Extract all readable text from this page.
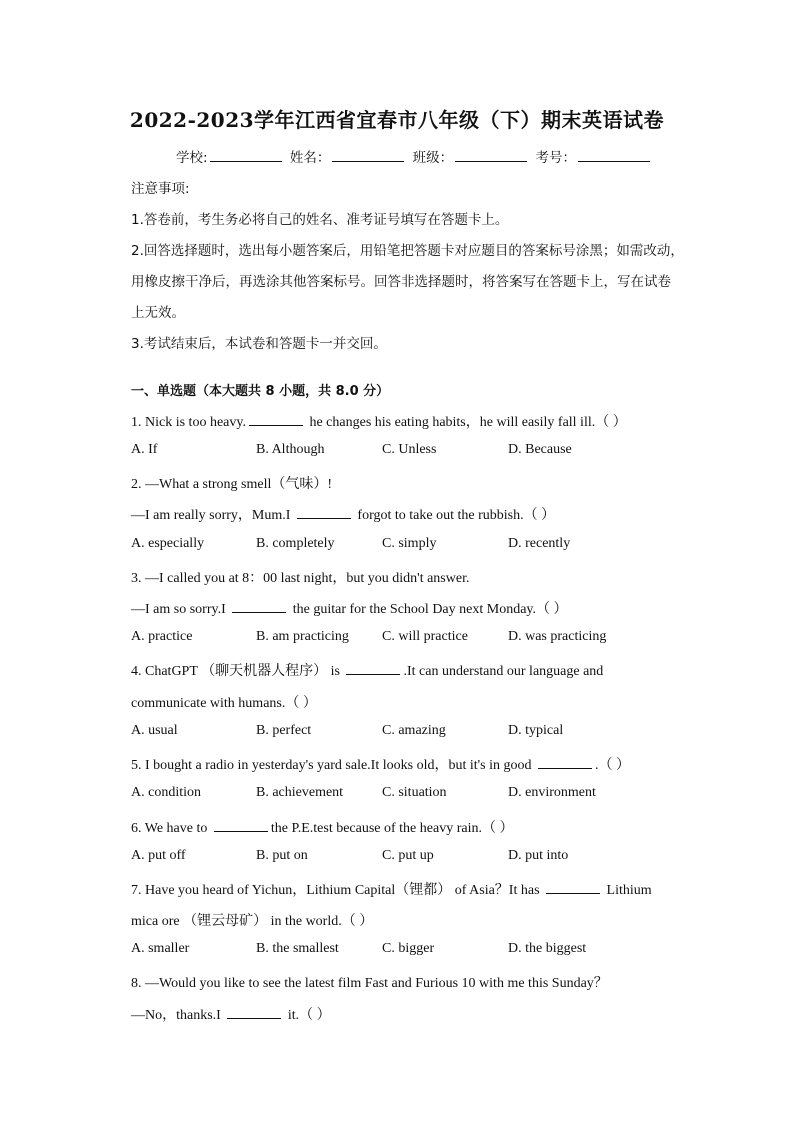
2022-2023学年江西省宜春市八年级（下）期末英语试卷
学校:	姓名：	班级：	考号：
注意事项:
1.答卷前，考生务必将自己的姓名、准考证号填写在答题卡上。
2.回答选择题时，选出每小题答案后，用铅笔把答题卡对应题目的答案标号涂黑；如需改动，
用橡皮擦干净后，再选涂其他答案标号。回答非选择题时，将答案写在答题卡上，写在试卷
上无效。
3.考试结束后，本试卷和答题卡一并交回。
一、单选题（本大题共 8 小题，共 8.0 分）
1. Nick is too heavy.	he changes his eating habits，he will easily fall ill.（ ）
A. If	B. Although	C. Unless	D. Because
2. —What a strong smell（气味）!
—I am really sorry，Mum.I	forgot to take out the rubbish.（ ）
A. especially	B. completely	C. simply	D. recently
3. —I called you at 8：00 last night，but you didn't answer.
—I am so sorry.I	the guitar for the School Day next Monday.（ ）
A. practice	B. am practicing C. will practice	D. was practicing
4. ChatGPT （聊天机器人程序） is	.It can understand our language and
communicate with humans.（ ）
A. usual	B. perfect	C. amazing	D. typical
5. I bought a radio in yesterday's yard sale.It looks old，but it's in good	.（ ）
A. condition	B. achievement	C. situation	D. environment
6. We have to	the P.E.test because of the heavy rain.（ ）
A. put off	B. put on	C. put up	D. put into
7. Have you heard of Yichun，Lithium Capital（锂都） of Asia？It has	Lithium
mica ore （锂云母矿） in the world.（ ）
A. smaller	B. the smallest	C. bigger	D. the biggest
8. —Would you like to see the latest film Fast and Furious 10 with me this Sunday？
—No，thanks.I	it.（ ）
